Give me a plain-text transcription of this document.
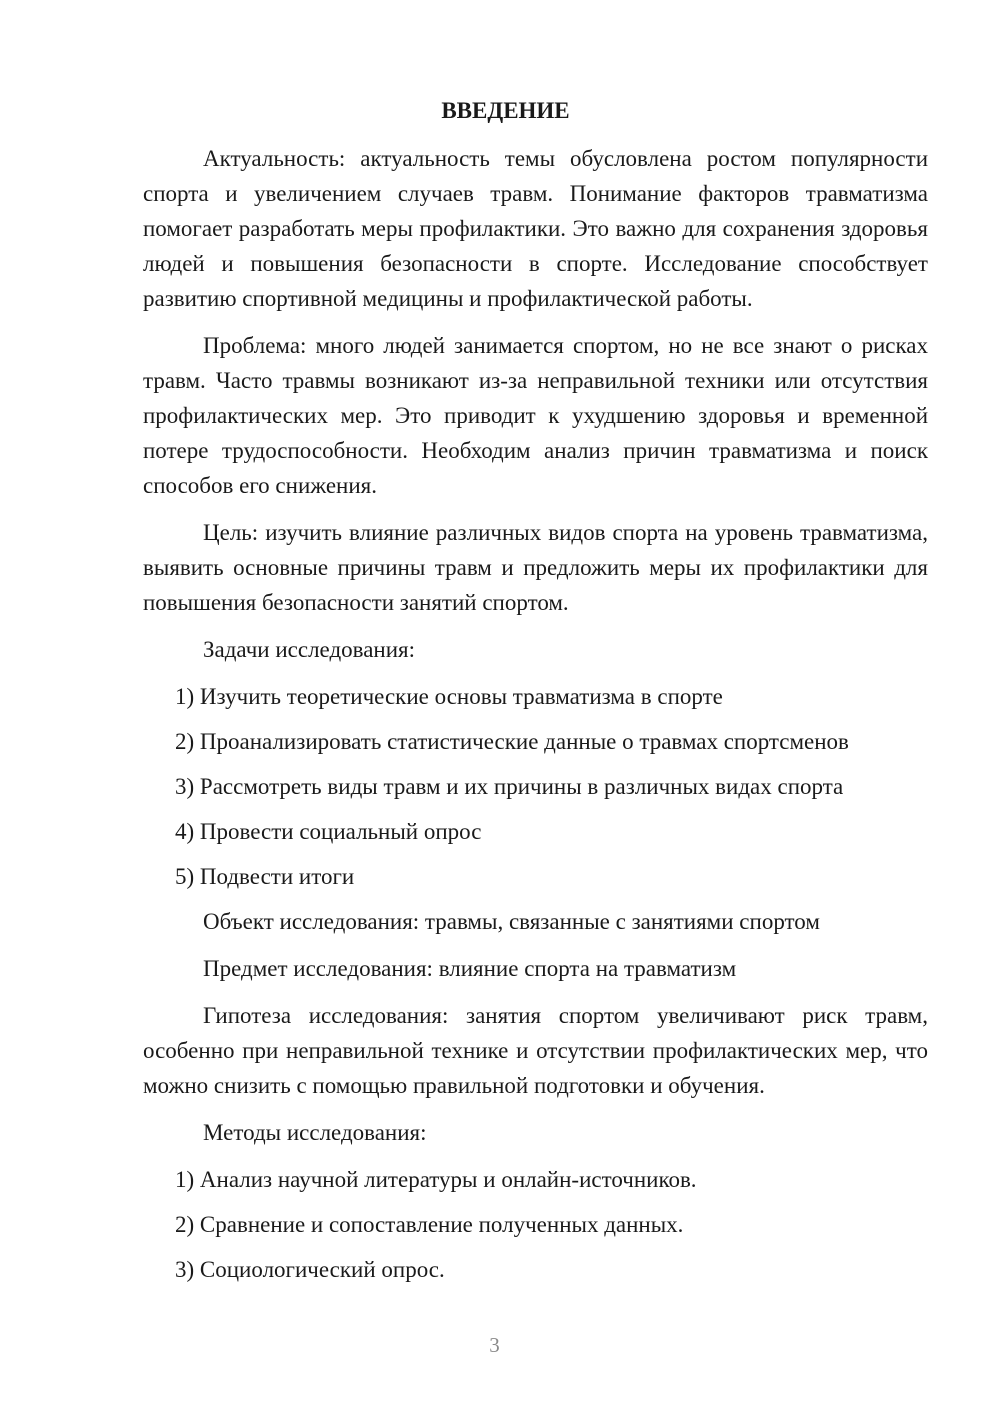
ВВЕДЕНИЕ

Актуальность: актуальность темы обусловлена ростом популярности спорта и увеличением случаев травм. Понимание факторов травматизма помогает разработать меры профилактики. Это важно для сохранения здоровья людей и повышения безопасности в спорте. Исследование способствует развитию спортивной медицины и профилактической работы.

Проблема: много людей занимается спортом, но не все знают о рисках травм. Часто травмы возникают из-за неправильной техники или отсутствия профилактических мер. Это приводит к ухудшению здоровья и временной потере трудоспособности. Необходим анализ причин травматизма и поиск способов его снижения.

Цель: изучить влияние различных видов спорта на уровень травматизма, выявить основные причины травм и предложить меры их профилактики для повышения безопасности занятий спортом.

Задачи исследования:

1) Изучить теоретические основы травматизма в спорте

2) Проанализировать статистические данные о травмах спортсменов

3) Рассмотреть виды травм и их причины в различных видах спорта

4) Провести социальный опрос

5) Подвести итоги

Объект исследования: травмы, связанные с занятиями спортом

Предмет исследования: влияние спорта на травматизм

Гипотеза исследования: занятия спортом увеличивают риск травм, особенно при неправильной технике и отсутствии профилактических мер, что можно снизить с помощью правильной подготовки и обучения.

Методы исследования:

1) Анализ научной литературы и онлайн-источников.

2) Сравнение и сопоставление полученных данных.

3) Социологический опрос.

3
